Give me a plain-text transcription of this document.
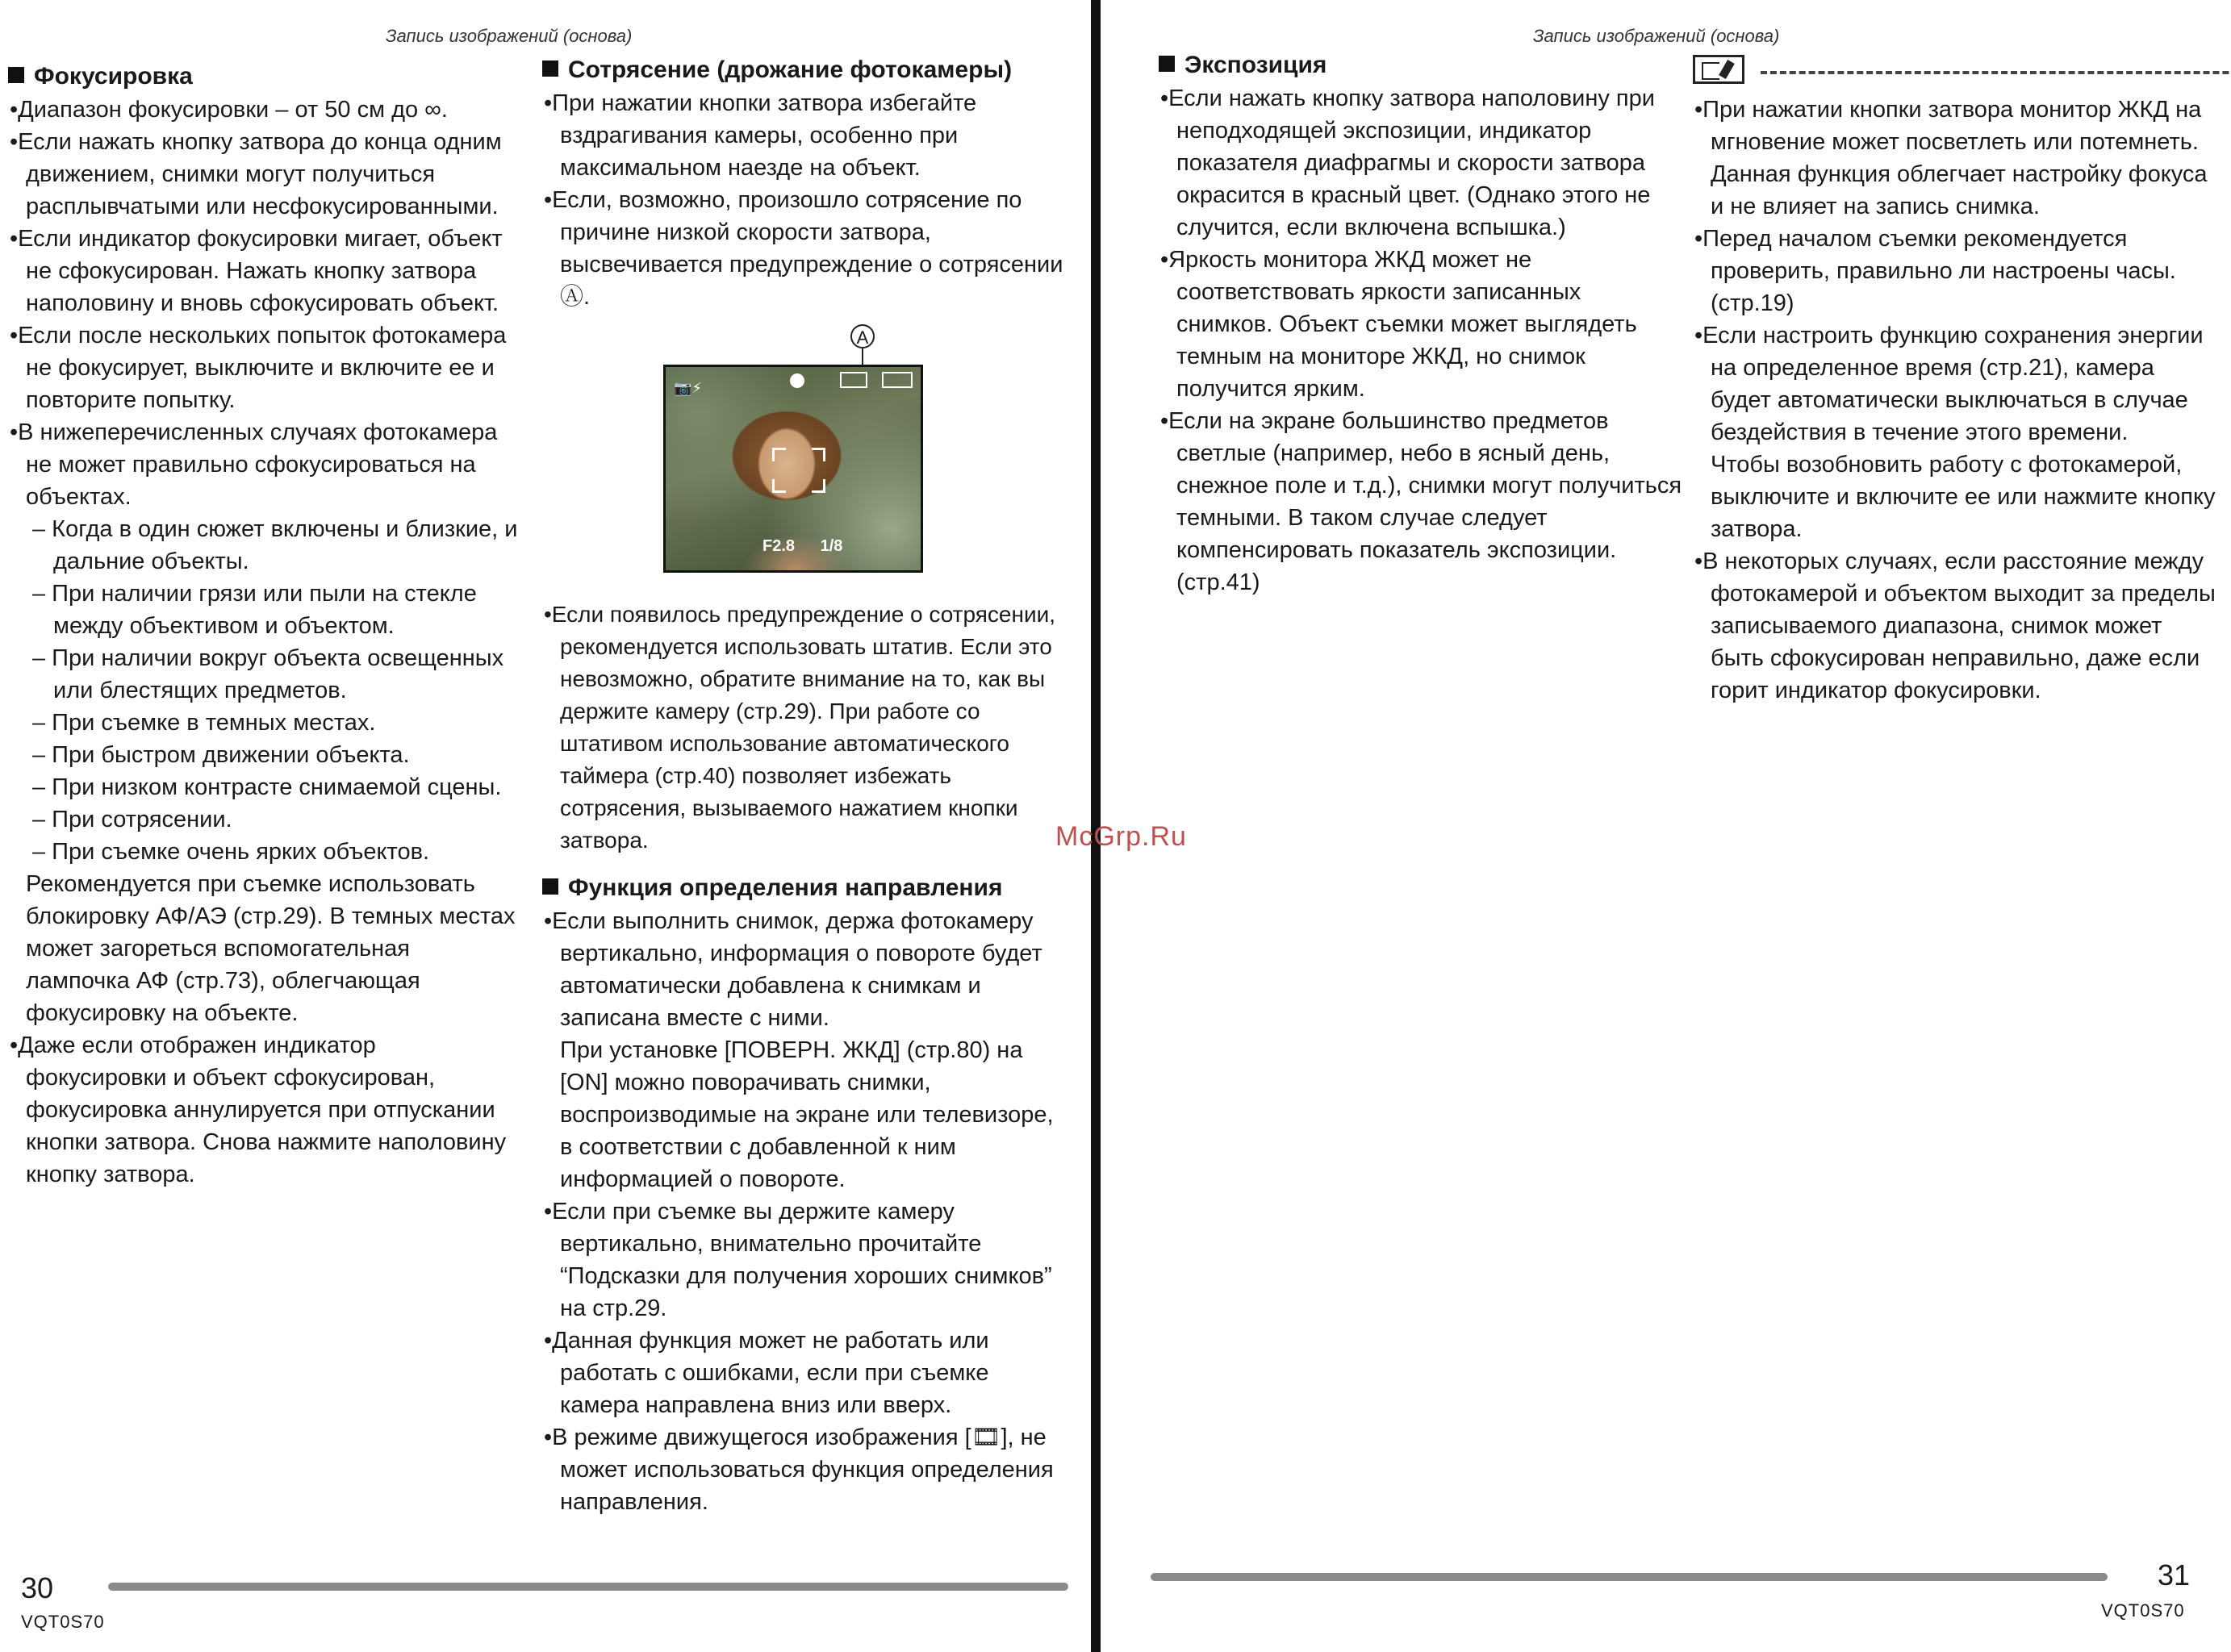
Запись изображений (основа)
Фокусировка

•Диапазон фокусировки – от 50 см до ∞.

•Если нажать кнопку затвора до конца одним движением, снимки могут получиться расплывчатыми или несфокусированными.

•Если индикатор фокусировки мигает, объект не сфокусирован. Нажать кнопку затвора наполовину и вновь сфокусировать объект.

•Если после нескольких попыток фотокамера не фокусирует, выключите и включите ее и повторите попытку.

•В нижеперечисленных случаях фотокамера не может правильно сфокусироваться на объектах.

– Когда в один сюжет включены и близкие, и дальние объекты.

– При наличии грязи или пыли на стекле между объективом и объектом.

– При наличии вокруг объекта освещенных или блестящих предметов.

– При съемке в темных местах.

– При быстром движении объекта.

– При низком контрасте снимаемой сцены.

– При сотрясении.

– При съемке очень ярких объектов.

Рекомендуется при съемке использовать блокировку АФ/АЭ (стр.29). В темных местах может загореться вспомогательная лампочка АФ (стр.73), облегчающая фокусировку на объекте.

•Даже если отображен индикатор фокусировки и объект сфокусирован, фокусировка аннулируется при отпускании кнопки затвора. Снова нажмите наполовину кнопку затвора.

Сотрясение (дрожание фотокамеры)

•При нажатии кнопки затвора избегайте вздрагивания камеры, особенно при максимальном наезде на объект.

•Если, возможно, произошло сотрясение по причине низкой скорости затвора, высвечивается предупреждение о сотрясении Ⓐ.

A
📷⚡
F2.8 1/8

•Если появилось предупреждение о сотрясении, рекомендуется использовать штатив. Если это невозможно, обратите внимание на то, как вы держите камеру (стр.29). При работе со штативом использование автоматического таймера (стр.40) позволяет избежать сотрясения, вызываемого нажатием кнопки затвора.

Функция определения направления

•Если выполнить снимок, держа фотокамеру вертикально, информация о повороте будет автоматически добавлена к снимкам и записана вместе с ними.

При установке [ПОВЕРН. ЖКД] (стр.80) на [ON] можно поворачивать снимки, воспроизводимые на экране или телевизоре, в соответствии с добавленной к ним информацией о повороте.

•Если при съемке вы держите камеру вертикально, внимательно прочитайте “Подсказки для получения хороших снимков” на стр.29.

•Данная функция может не работать или работать с ошибками, если при съемке камера направлена вниз или вверх.

•В режиме движущегося изображения [🎞], не может использоваться функция определения направления.

30
VQT0S70
Запись изображений (основа)
Экспозиция

•Если нажать кнопку затвора наполовину при неподходящей экспозиции, индикатор показателя диафрагмы и скорости затвора окрасится в красный цвет. (Однако этого не случится, если включена вспышка.)

•Яркость монитора ЖКД может не соответствовать яркости записанных снимков. Объект съемки может выглядеть темным на мониторе ЖКД, но снимок получится ярким.

•Если на экране большинство предметов светлые (например, небо в ясный день, снежное поле и т.д.), снимки могут получиться темными. В таком случае следует компенсировать показатель экспозиции. (стр.41)

•При нажатии кнопки затвора монитор ЖКД на мгновение может посветлеть или потемнеть. Данная функция облегчает настройку фокуса и не влияет на запись снимка.

•Перед началом съемки рекомендуется проверить, правильно ли настроены часы. (стр.19)

•Если настроить функцию сохранения энергии на определенное время (стр.21), камера будет автоматически выключаться в случае бездействия в течение этого времени.

Чтобы возобновить работу с фотокамерой, выключите и включите ее или нажмите кнопку затвора.

•В некоторых случаях, если расстояние между фотокамерой и объектом выходит за пределы записываемого диапазона, снимок может быть сфокусирован неправильно, даже если горит индикатор фокусировки.

31
VQT0S70
McGrp.Ru
